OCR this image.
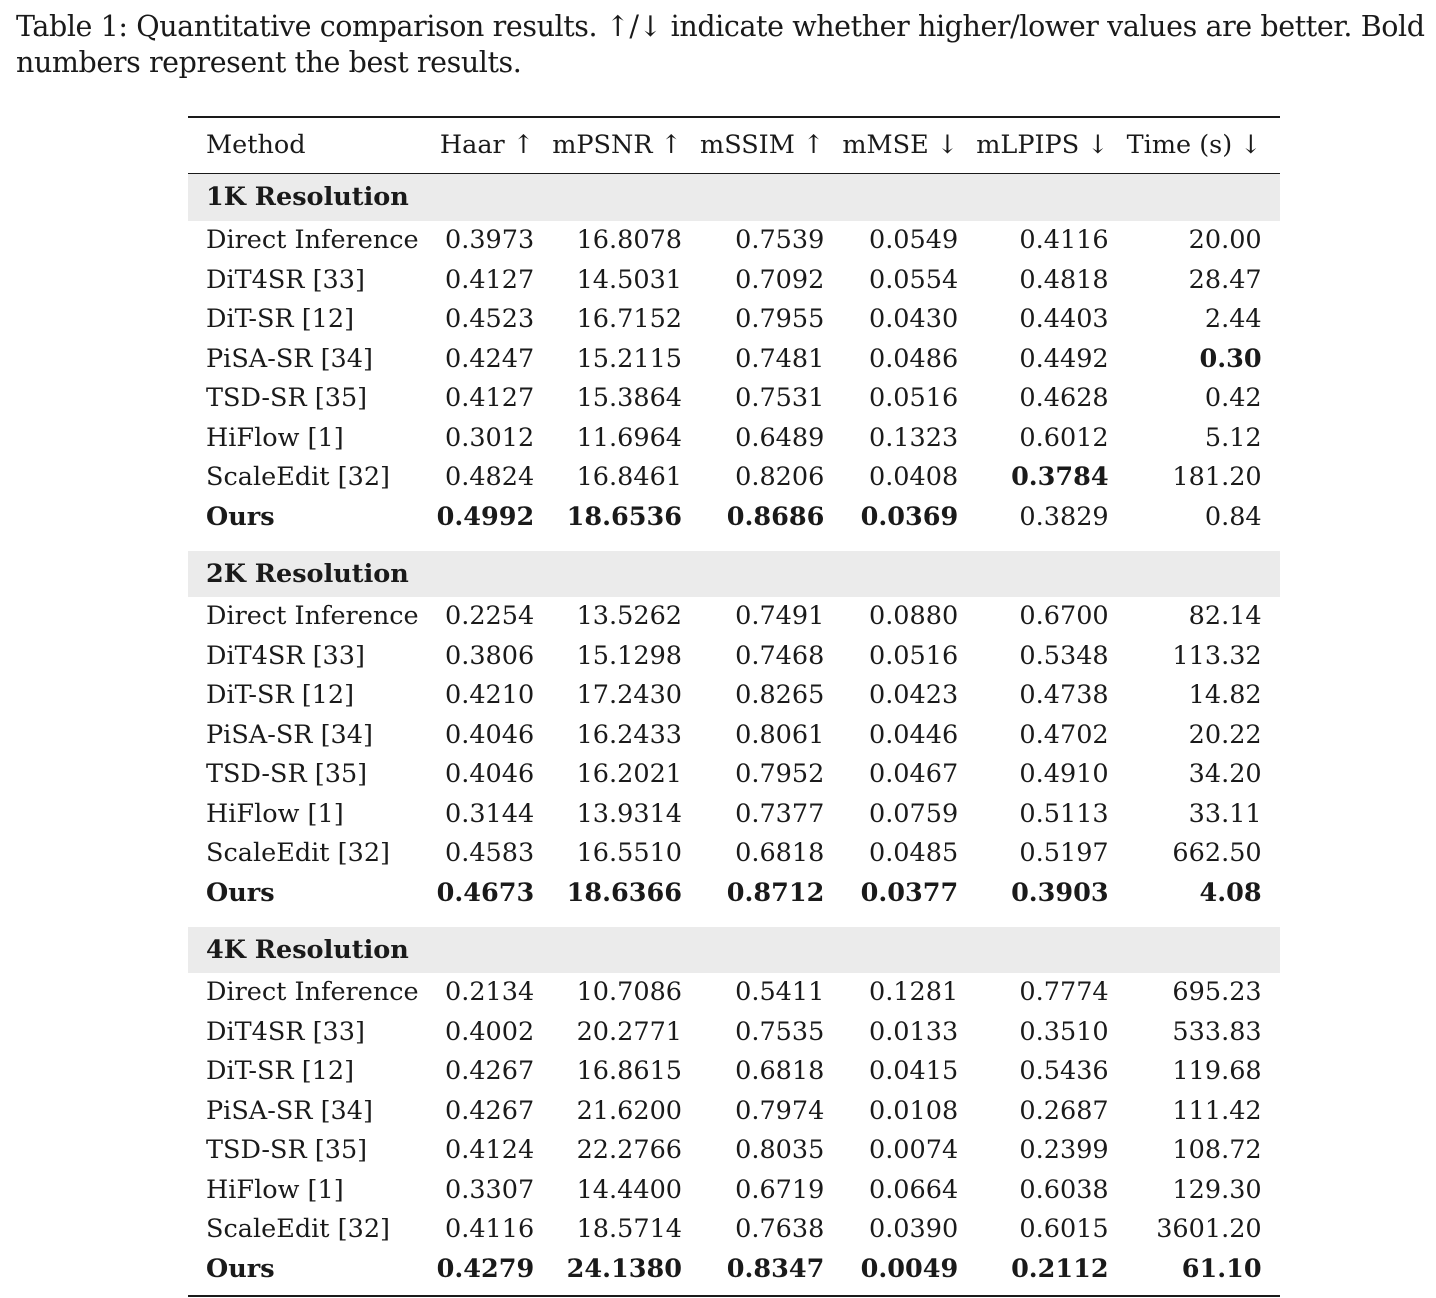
Table 1: Quantitative comparison results. ↑/↓ indicate whether higher/lower values are better. Bold numbers represent the best results.
Method	Haar ↑	mPSNR ↑	mSSIM ↑	mMSE ↓	mLPIPS ↓	Time (s) ↓
1K Resolution						
Direct Inference	0.3973	16.8078	0.7539	0.0549	0.4116	20.00
DiT4SR [33]	0.4127	14.5031	0.7092	0.0554	0.4818	28.47
DiT-SR [12]	0.4523	16.7152	0.7955	0.0430	0.4403	2.44
PiSA-SR [34]	0.4247	15.2115	0.7481	0.0486	0.4492	0.30
TSD-SR [35]	0.4127	15.3864	0.7531	0.0516	0.4628	0.42
HiFlow [1]	0.3012	11.6964	0.6489	0.1323	0.6012	5.12
ScaleEdit [32]	0.4824	16.8461	0.8206	0.0408	0.3784	181.20
Ours	0.4992	18.6536	0.8686	0.0369	0.3829	0.84

2K Resolution						
Direct Inference	0.2254	13.5262	0.7491	0.0880	0.6700	82.14
DiT4SR [33]	0.3806	15.1298	0.7468	0.0516	0.5348	113.32
DiT-SR [12]	0.4210	17.2430	0.8265	0.0423	0.4738	14.82
PiSA-SR [34]	0.4046	16.2433	0.8061	0.0446	0.4702	20.22
TSD-SR [35]	0.4046	16.2021	0.7952	0.0467	0.4910	34.20
HiFlow [1]	0.3144	13.9314	0.7377	0.0759	0.5113	33.11
ScaleEdit [32]	0.4583	16.5510	0.6818	0.0485	0.5197	662.50
Ours	0.4673	18.6366	0.8712	0.0377	0.3903	4.08

4K Resolution						
Direct Inference	0.2134	10.7086	0.5411	0.1281	0.7774	695.23
DiT4SR [33]	0.4002	20.2771	0.7535	0.0133	0.3510	533.83
DiT-SR [12]	0.4267	16.8615	0.6818	0.0415	0.5436	119.68
PiSA-SR [34]	0.4267	21.6200	0.7974	0.0108	0.2687	111.42
TSD-SR [35]	0.4124	22.2766	0.8035	0.0074	0.2399	108.72
HiFlow [1]	0.3307	14.4400	0.6719	0.0664	0.6038	129.30
ScaleEdit [32]	0.4116	18.5714	0.7638	0.0390	0.6015	3601.20
Ours	0.4279	24.1380	0.8347	0.0049	0.2112	61.10
